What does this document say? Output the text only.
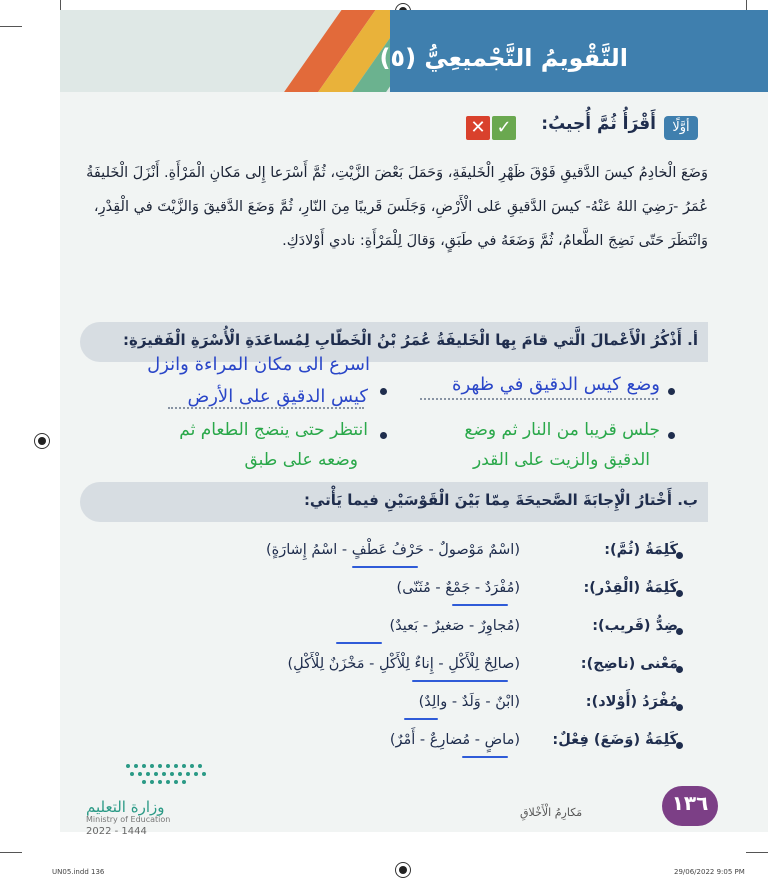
التَّقْويمُ التَّجْميعِيُّ (٥)
أوَّلًا
أَقْرَأُ ثُمَّ أُجيبُ:
✓
✕
وَضَعَ الْخادِمُ كيسَ الدَّقيقِ فَوْقَ ظَهْرِ الْخَليفَةِ، وَحَمَلَ بَعْضَ الزَّيْتِ، ثُمَّ أَسْرَعا إِلى مَكانِ الْمَرْأَةِ. أَنْزَلَ الْخَليفَةُ عُمَرُ -رَضِيَ اللهُ عَنْهُ- كيسَ الدَّقيقِ عَلى الْأَرْضِ، وَجَلَسَ قَريبًا مِنَ النّارِ، ثُمَّ وَضَعَ الدَّقيقَ وَالزَّيْتَ في الْقِدْرِ، وَانْتَظَرَ حَتّى نَضِجَ الطَّعامُ، ثُمَّ وَضَعَهُ في طَبَقٍ، وَقالَ لِلْمَرْأَةِ: نادي أَوْلادَكِ.
أ. أَذْكُرُ الْأَعْمالَ الَّتي قامَ بِها الْخَليفَةُ عُمَرُ بْنُ الْخَطّابِ لِمُساعَدَةِ الْأُسْرَةِ الْفَقيرَةِ:
وضع كيس الدقيق في ظهرة
اسرع الى مكان المراءة وانزل
كيس الدقيق على الأرض
جلس قريبا من النار ثم وضع
الدقيق والزيت على القدر
انتظر حتى ينضج الطعام ثم
وضعه على طبق
ب. أَخْتارُ الْإِجابَةَ الصَّحيحَةَ مِمّا بَيْنَ الْقَوْسَيْنِ فيما يَأْتي:
كَلِمَةُ (ثُمَّ):
(اسْمٌ مَوْصولٌ - حَرْفُ عَطْفٍ - اسْمُ إِشارَةٍ)
كَلِمَةُ (الْقِدْر):
(مُفْرَدٌ - جَمْعٌ - مُثَنّى)
ضِدُّ (قَريب):
(مُجاوِرٌ - صَغيرٌ - بَعيدٌ)
مَعْنى (ناضِج):
(صالِحٌ لِلْأَكْلِ - إِناءٌ لِلْأَكْلِ - مَخْزَنٌ لِلْأَكْلِ)
مُفْرَدُ (أَوْلاد):
(ابْنٌ - وَلَدٌ - والِدٌ)
كَلِمَةُ (وَضَعَ) فِعْلٌ:
(ماضٍ - مُضارِعٌ - أَمْرٌ)
وزارة التعليم
Ministry of Education
2022 - 1444
مَكارِمُ الْأَخْلاقِ	١٣٦
UN05.indd 136	29/06/2022 9:05 PM
